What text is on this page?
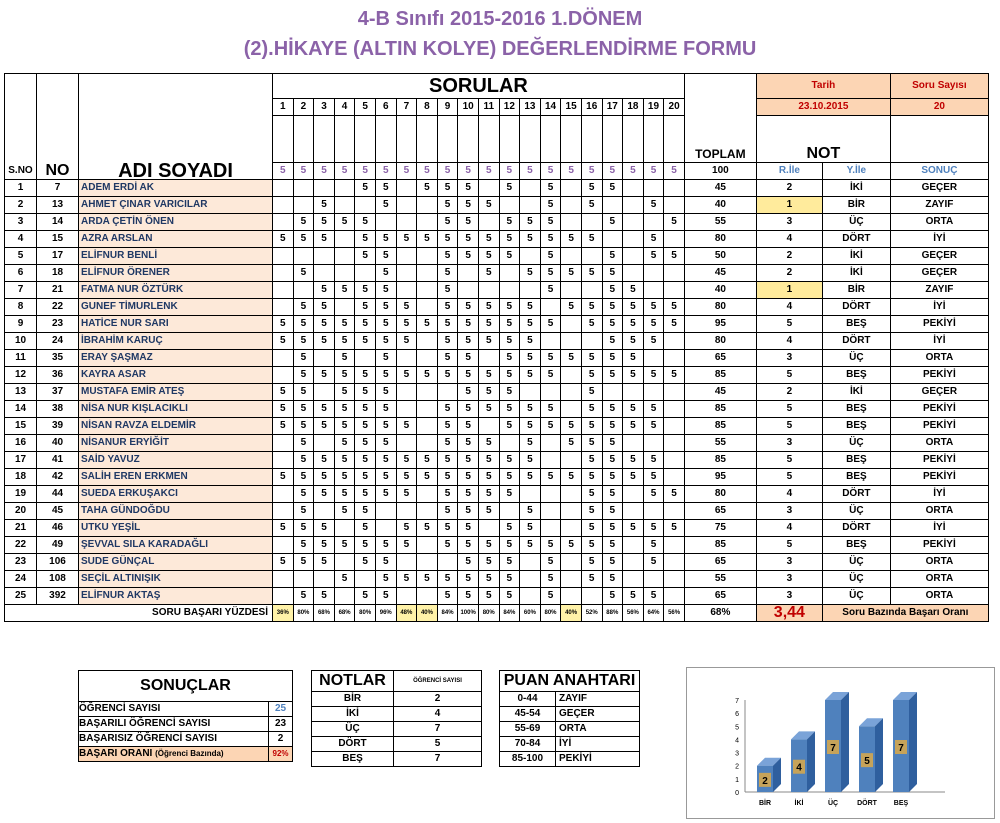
4-B Sınıfı 2015-2016 1.DÖNEM
(2).HİKAYE (ALTIN KOLYE) DEĞERLENDİRME FORMU
S.NO	NO	ADI SOYADI	SORULAR																				TOPLAM	Tarih		Soru Sayısı
			1	2	3	4	5	6	7	8	9	10	11	12	13	14	15	16	17	18	19	20		23.10.2015		20
																								NOT		
			5	5	5	5	5	5	5	5	5	5	5	5	5	5	5	5	5	5	5	5	100	R.İle	Y.İle	SONUÇ
1	7	ADEM ERDİ AK					5	5		5	5	5		5		5		5	5				45	2	İKİ	GEÇER
2	13	AHMET ÇINAR VARICILAR			5			5			5	5	5			5		5			5		40	1	BİR	ZAYIF
3	14	ARDA ÇETİN ÖNEN		5	5	5	5				5	5		5	5	5			5			5	55	3	ÜÇ	ORTA
4	15	AZRA ARSLAN	5	5	5		5	5	5	5	5	5	5	5	5	5	5	5			5		80	4	DÖRT	İYİ
5	17	ELİFNUR BENLİ					5	5			5	5	5	5		5			5		5	5	50	2	İKİ	GEÇER
6	18	ELİFNUR ÖRENER		5				5			5		5		5	5	5	5	5				45	2	İKİ	GEÇER
7	21	FATMA NUR ÖZTÜRK			5	5	5	5			5					5			5	5			40	1	BİR	ZAYIF
8	22	GUNEF TİMURLENK		5	5		5	5	5		5	5	5	5	5		5	5	5	5	5	5	80	4	DÖRT	İYİ
9	23	HATİCE NUR SARI	5	5	5	5	5	5	5	5	5	5	5	5	5	5		5	5	5	5	5	95	5	BEŞ	PEKİYİ
10	24	İBRAHİM KARUÇ	5	5	5	5	5	5	5		5	5	5	5	5				5	5	5		80	4	DÖRT	İYİ
11	35	ERAY ŞAŞMAZ		5		5		5			5	5		5	5	5	5	5	5	5			65	3	ÜÇ	ORTA
12	36	KAYRA ASAR		5	5	5	5	5	5	5	5	5	5	5	5	5		5	5	5	5	5	85	5	BEŞ	PEKİYİ
13	37	MUSTAFA EMİR ATEŞ	5	5		5	5	5				5	5	5				5					45	2	İKİ	GEÇER
14	38	NİSA NUR KIŞLACIKLI	5	5	5	5	5	5			5	5	5	5	5	5		5	5	5	5		85	5	BEŞ	PEKİYİ
15	39	NİSAN RAVZA ELDEMİR	5	5	5	5	5	5	5		5	5		5	5	5	5	5	5	5	5		85	5	BEŞ	PEKİYİ
16	40	NİSANUR ERYİĞİT		5		5	5	5			5	5	5		5		5	5	5				55	3	ÜÇ	ORTA
17	41	SAİD YAVUZ		5	5	5	5	5	5	5	5	5	5	5	5			5	5	5	5		85	5	BEŞ	PEKİYİ
18	42	SALİH EREN ERKMEN	5	5	5	5	5	5	5	5	5	5	5	5	5	5	5	5	5	5	5		95	5	BEŞ	PEKİYİ
19	44	SUEDA ERKUŞAKCI		5	5	5	5	5	5		5	5	5	5				5	5		5	5	80	4	DÖRT	İYİ
20	45	TAHA GÜNDOĞDU		5		5	5				5	5	5		5			5	5				65	3	ÜÇ	ORTA
21	46	UTKU YEŞİL	5	5	5		5		5	5	5	5		5	5			5	5	5	5	5	75	4	DÖRT	İYİ
22	49	ŞEVVAL SILA KARADAĞLI		5	5	5	5	5	5		5	5	5	5	5	5	5	5	5		5		85	5	BEŞ	PEKİYİ
23	106	SUDE GÜNÇAL	5	5	5		5	5				5	5	5		5		5	5		5		65	3	ÜÇ	ORTA
24	108	SEÇİL ALTINIŞIK				5		5	5	5	5	5	5	5		5		5	5				55	3	ÜÇ	ORTA
25	392	ELİFNUR AKTAŞ		5	5		5	5			5	5	5	5		5			5	5	5		65	3	ÜÇ	ORTA
SORU BAŞARI YÜZDESİ			36%	80%	68%	68%	80%	96%	48%	40%	84%	100%	80%	84%	60%	80%	40%	52%	88%	56%	64%	56%	68%	3,44	Soru Bazında Başarı Oranı	
SONUÇLAR	
ÖĞRENCİ SAYISI	25
BAŞARILI ÖĞRENCİ SAYISI	23
BAŞARISIZ ÖĞRENCİ SAYISI	2
BAŞARI ORANI (Öğrenci Bazında)	92%
NOTLAR	ÖĞRENCİ SAYISI
BİR	2
İKİ	4
ÜÇ	7
DÖRT	5
BEŞ	7
PUAN ANAHTARI	
0-44	ZAYIF
45-54	GEÇER
55-69	ORTA
70-84	İYİ
85-100	PEKİYİ
0
1
2
3
4
5
6
7
2
BİR
4
İKİ
7
ÜÇ
5
DÖRT
7
BEŞ
